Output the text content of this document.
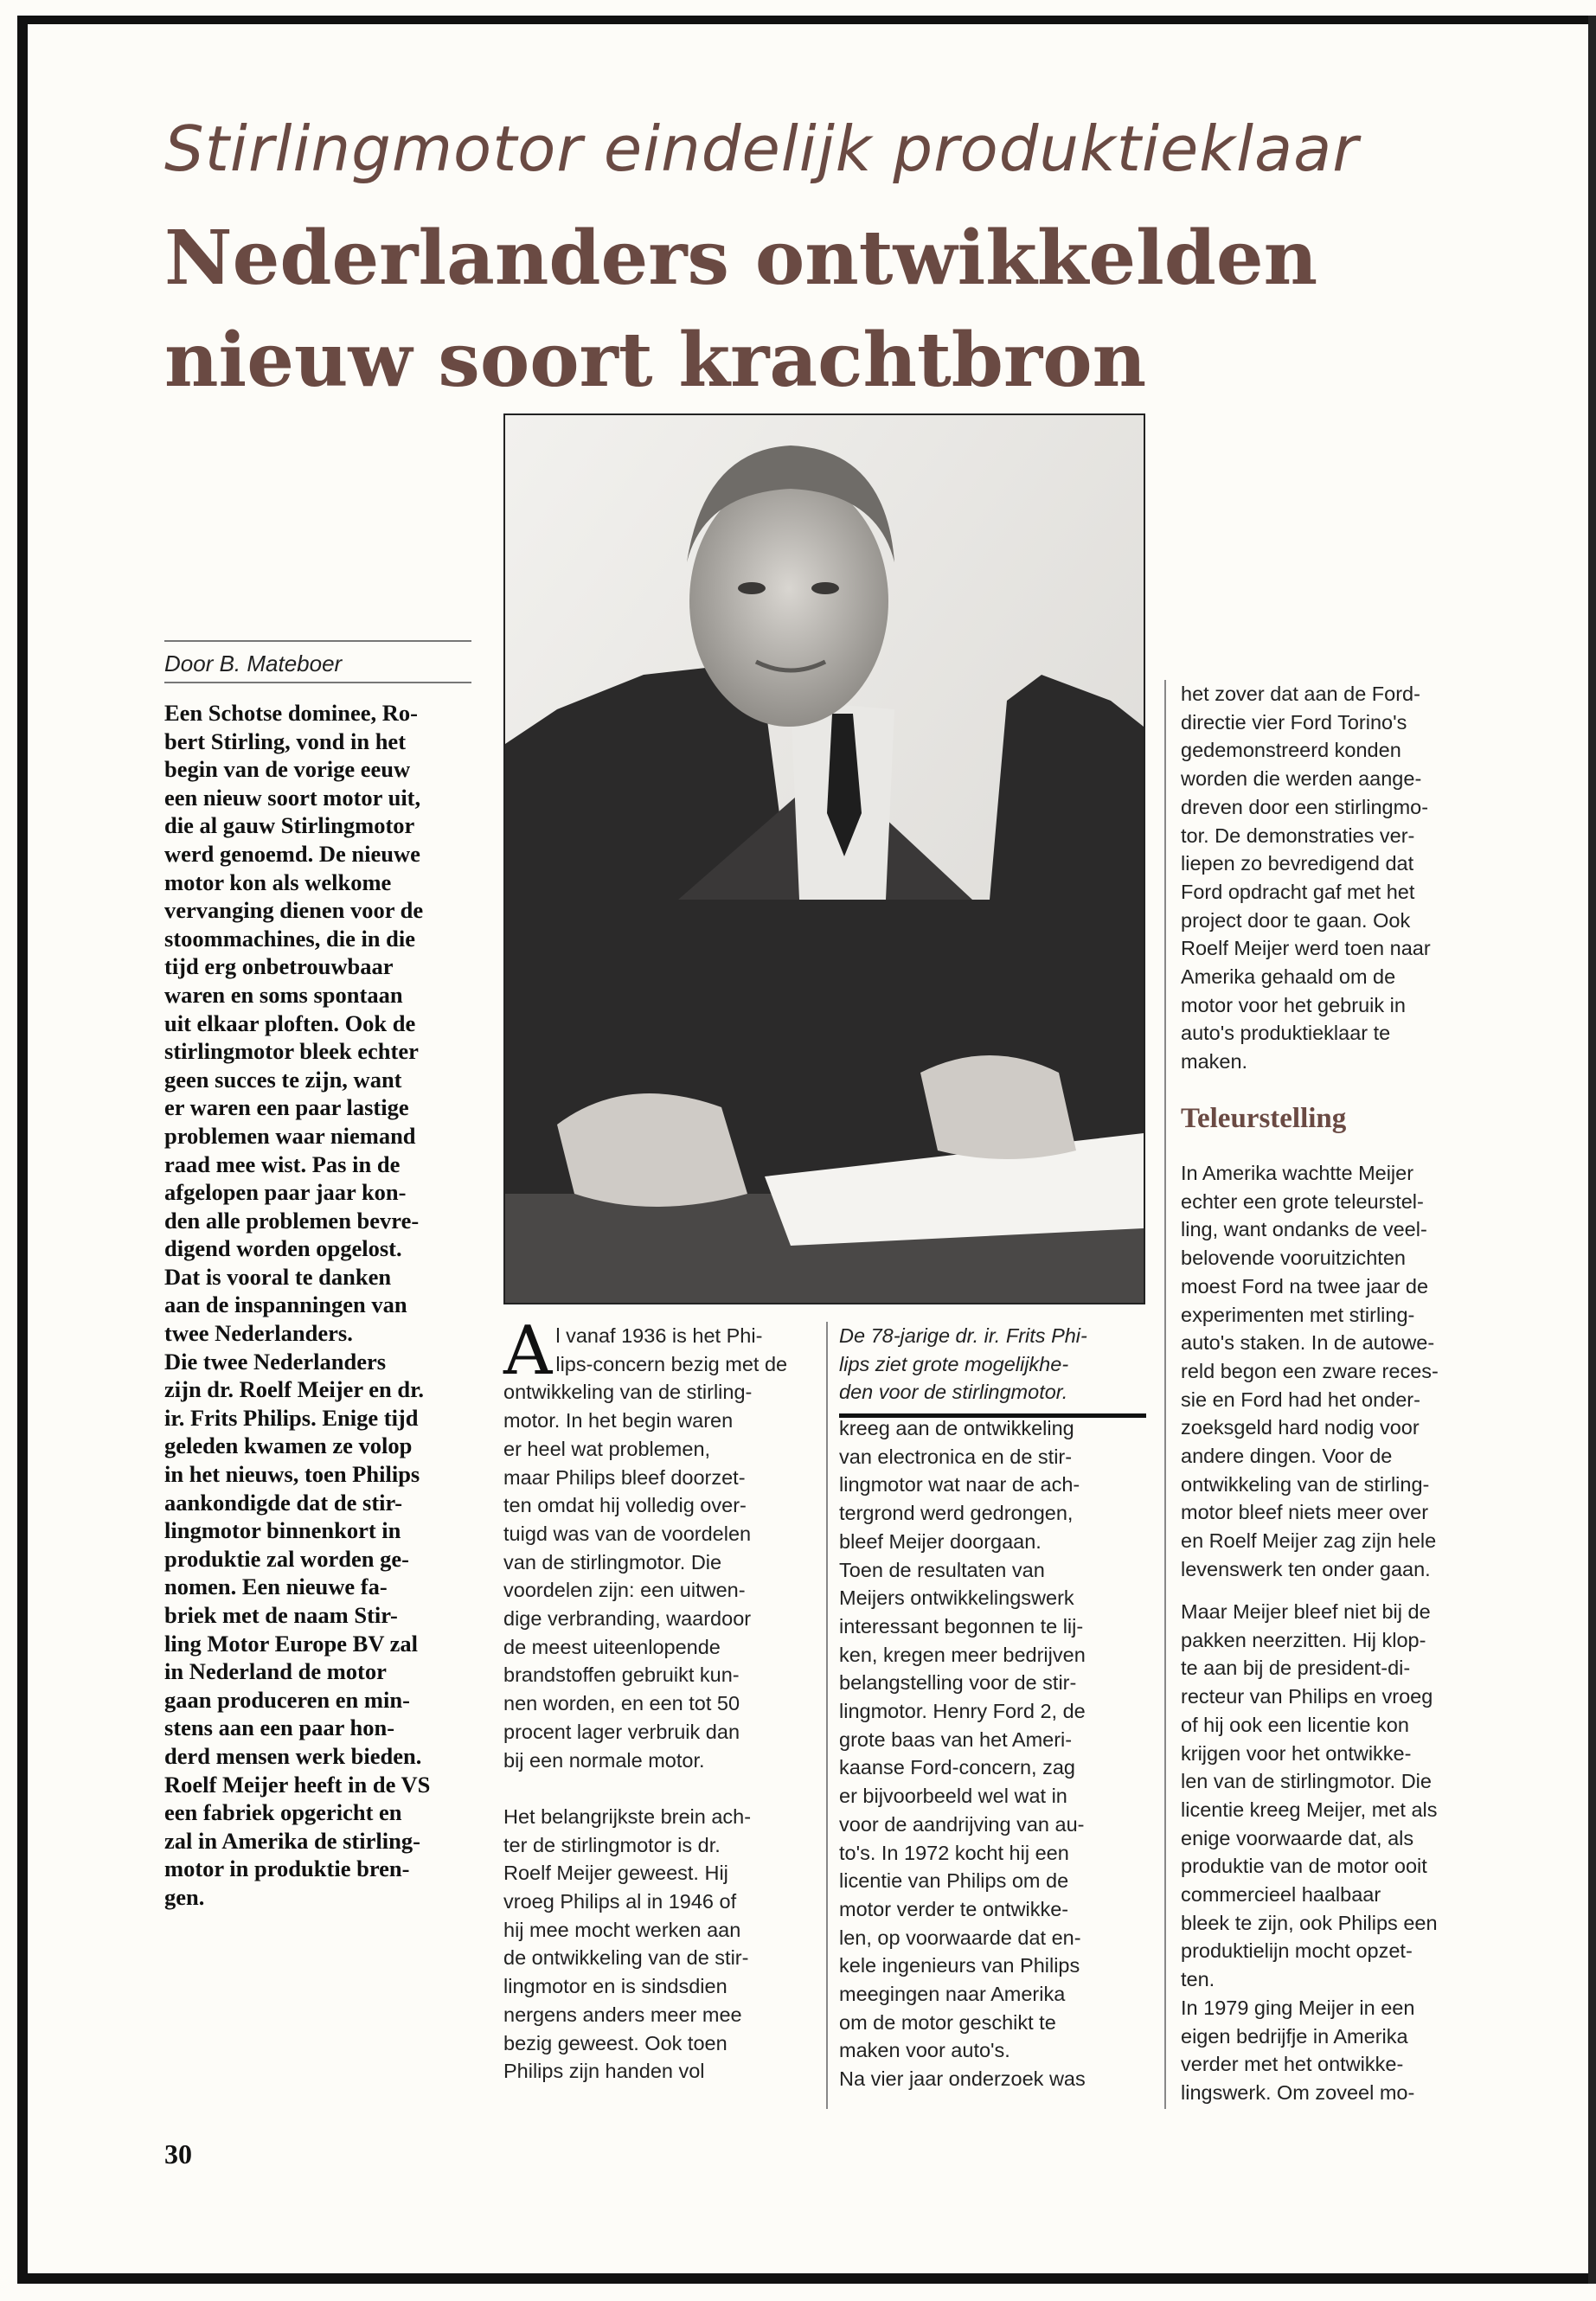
Stirlingmotor eindelijk produktieklaar
Nederlanders ontwikkelden nieuw soort krachtbron
Door B. Mateboer
Een Schotse dominee, Ro-
bert Stirling, vond in het
begin van de vorige eeuw
een nieuw soort motor uit,
die al gauw Stirlingmotor
werd genoemd. De nieuwe
motor kon als welkome
vervanging dienen voor de
stoommachines, die in die
tijd erg onbetrouwbaar
waren en soms spontaan
uit elkaar ploften. Ook de
stirlingmotor bleek echter
geen succes te zijn, want
er waren een paar lastige
problemen waar niemand
raad mee wist. Pas in de
afgelopen paar jaar kon-
den alle problemen bevre-
digend worden opgelost.
Dat is vooral te danken
aan de inspanningen van
twee Nederlanders.
Die twee Nederlanders
zijn dr. Roelf Meijer en dr.
ir. Frits Philips. Enige tijd
geleden kwamen ze volop
in het nieuws, toen Philips
aankondigde dat de stir-
lingmotor binnenkort in
produktie zal worden ge-
nomen. Een nieuwe fa-
briek met de naam Stir-
ling Motor Europe BV zal
in Nederland de motor
gaan produceren en min-
stens aan een paar hon-
derd mensen werk bieden.
Roelf Meijer heeft in de VS
een fabriek opgericht en
zal in Amerika de stirling-
motor in produktie bren-
gen.
Al vanaf 1936 is het Phi-
lips-concern bezig met de
ontwikkeling van de stirling-
motor. In het begin waren
er heel wat problemen,
maar Philips bleef doorzet-
ten omdat hij volledig over-
tuigd was van de voordelen
van de stirlingmotor. Die
voordelen zijn: een uitwen-
dige verbranding, waardoor
de meest uiteenlopende
brandstoffen gebruikt kun-
nen worden, en een tot 50
procent lager verbruik dan
bij een normale motor.

Het belangrijkste brein ach-
ter de stirlingmotor is dr.
Roelf Meijer geweest. Hij
vroeg Philips al in 1946 of
hij mee mocht werken aan
de ontwikkeling van de stir-
lingmotor en is sindsdien
nergens anders meer mee
bezig geweest. Ook toen
Philips zijn handen vol
De 78-jarige dr. ir. Frits Phi-
lips ziet grote mogelijkhe-
den voor de stirlingmotor.
kreeg aan de ontwikkeling
van electronica en de stir-
lingmotor wat naar de ach-
tergrond werd gedrongen,
bleef Meijer doorgaan.
Toen de resultaten van
Meijers ontwikkelingswerk
interessant begonnen te lij-
ken, kregen meer bedrijven
belangstelling voor de stir-
lingmotor. Henry Ford 2, de
grote baas van het Ameri-
kaanse Ford-concern, zag
er bijvoorbeeld wel wat in
voor de aandrijving van au-
to's. In 1972 kocht hij een
licentie van Philips om de
motor verder te ontwikke-
len, op voorwaarde dat en-
kele ingenieurs van Philips
meegingen naar Amerika
om de motor geschikt te
maken voor auto's.
Na vier jaar onderzoek was
het zover dat aan de Ford-
directie vier Ford Torino's
gedemonstreerd konden
worden die werden aange-
dreven door een stirlingmo-
tor. De demonstraties ver-
liepen zo bevredigend dat
Ford opdracht gaf met het
project door te gaan. Ook
Roelf Meijer werd toen naar
Amerika gehaald om de
motor voor het gebruik in
auto's produktieklaar te
maken.
Teleurstelling
In Amerika wachtte Meijer
echter een grote teleurstel-
ling, want ondanks de veel-
belovende vooruitzichten
moest Ford na twee jaar de
experimenten met stirling-
auto's staken. In de autowe-
reld begon een zware reces-
sie en Ford had het onder-
zoeksgeld hard nodig voor
andere dingen. Voor de
ontwikkeling van de stirling-
motor bleef niets meer over
en Roelf Meijer zag zijn hele
levenswerk ten onder gaan.
Maar Meijer bleef niet bij de
pakken neerzitten. Hij klop-
te aan bij de president-di-
recteur van Philips en vroeg
of hij ook een licentie kon
krijgen voor het ontwikke-
len van de stirlingmotor. Die
licentie kreeg Meijer, met als
enige voorwaarde dat, als
produktie van de motor ooit
commercieel haalbaar
bleek te zijn, ook Philips een
produktielijn mocht opzet-
ten.
In 1979 ging Meijer in een
eigen bedrijfje in Amerika
verder met het ontwikke-
lingswerk. Om zoveel mo-
30
